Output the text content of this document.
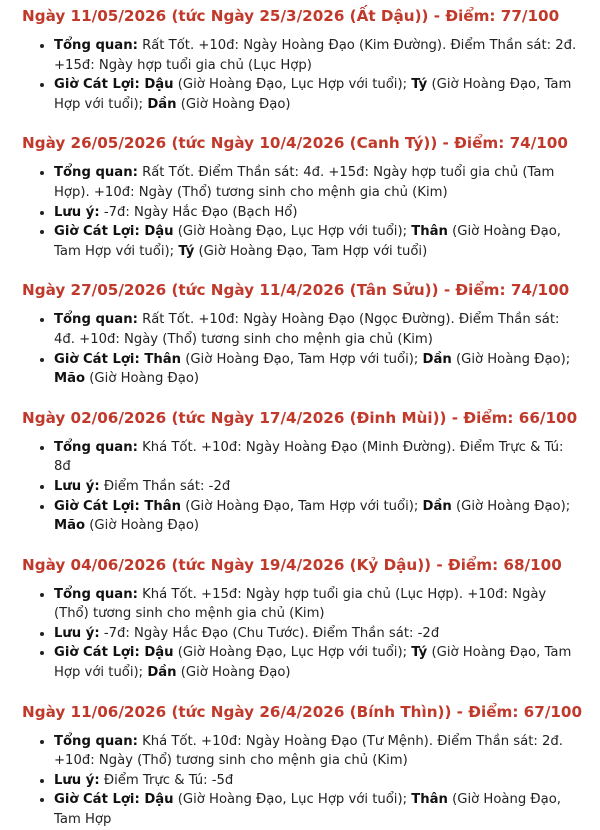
Ngày 11/05/2026 (tức Ngày 25/3/2026 (Ất Dậu)) - Điểm: 77/100
• Tổng quan: Rất Tốt. +10đ: Ngày Hoàng Đạo (Kim Đường). Điểm Thần sát: 2đ. +15đ: Ngày hợp tuổi gia chủ (Lục Hợp)
• Giờ Cát Lợi: Dậu (Giờ Hoàng Đạo, Lục Hợp với tuổi); Tý (Giờ Hoàng Đạo, Tam Hợp với tuổi); Dần (Giờ Hoàng Đạo)
Ngày 26/05/2026 (tức Ngày 10/4/2026 (Canh Tý)) - Điểm: 74/100
• Tổng quan: Rất Tốt. Điểm Thần sát: 4đ. +15đ: Ngày hợp tuổi gia chủ (Tam Hợp). +10đ: Ngày (Thổ) tương sinh cho mệnh gia chủ (Kim)
• Lưu ý: -7đ: Ngày Hắc Đạo (Bạch Hổ)
• Giờ Cát Lợi: Dậu (Giờ Hoàng Đạo, Lục Hợp với tuổi); Thân (Giờ Hoàng Đạo, Tam Hợp với tuổi); Tý (Giờ Hoàng Đạo, Tam Hợp với tuổi)
Ngày 27/05/2026 (tức Ngày 11/4/2026 (Tân Sửu)) - Điểm: 74/100
• Tổng quan: Rất Tốt. +10đ: Ngày Hoàng Đạo (Ngọc Đường). Điểm Thần sát: 4đ. +10đ: Ngày (Thổ) tương sinh cho mệnh gia chủ (Kim)
• Giờ Cát Lợi: Thân (Giờ Hoàng Đạo, Tam Hợp với tuổi); Dần (Giờ Hoàng Đạo); Mão (Giờ Hoàng Đạo)
Ngày 02/06/2026 (tức Ngày 17/4/2026 (Đinh Mùi)) - Điểm: 66/100
• Tổng quan: Khá Tốt. +10đ: Ngày Hoàng Đạo (Minh Đường). Điểm Trực & Tú: 8đ
• Lưu ý: Điểm Thần sát: -2đ
• Giờ Cát Lợi: Thân (Giờ Hoàng Đạo, Tam Hợp với tuổi); Dần (Giờ Hoàng Đạo); Mão (Giờ Hoàng Đạo)
Ngày 04/06/2026 (tức Ngày 19/4/2026 (Kỷ Dậu)) - Điểm: 68/100
• Tổng quan: Khá Tốt. +15đ: Ngày hợp tuổi gia chủ (Lục Hợp). +10đ: Ngày (Thổ) tương sinh cho mệnh gia chủ (Kim)
• Lưu ý: -7đ: Ngày Hắc Đạo (Chu Tước). Điểm Thần sát: -2đ
• Giờ Cát Lợi: Dậu (Giờ Hoàng Đạo, Lục Hợp với tuổi); Tý (Giờ Hoàng Đạo, Tam Hợp với tuổi); Dần (Giờ Hoàng Đạo)
Ngày 11/06/2026 (tức Ngày 26/4/2026 (Bính Thìn)) - Điểm: 67/100
• Tổng quan: Khá Tốt. +10đ: Ngày Hoàng Đạo (Tư Mệnh). Điểm Thần sát: 2đ. +10đ: Ngày (Thổ) tương sinh cho mệnh gia chủ (Kim)
• Lưu ý: Điểm Trực & Tú: -5đ
• Giờ Cát Lợi: Dậu (Giờ Hoàng Đạo, Lục Hợp với tuổi); Thân (Giờ Hoàng Đạo, Tam Hợp
